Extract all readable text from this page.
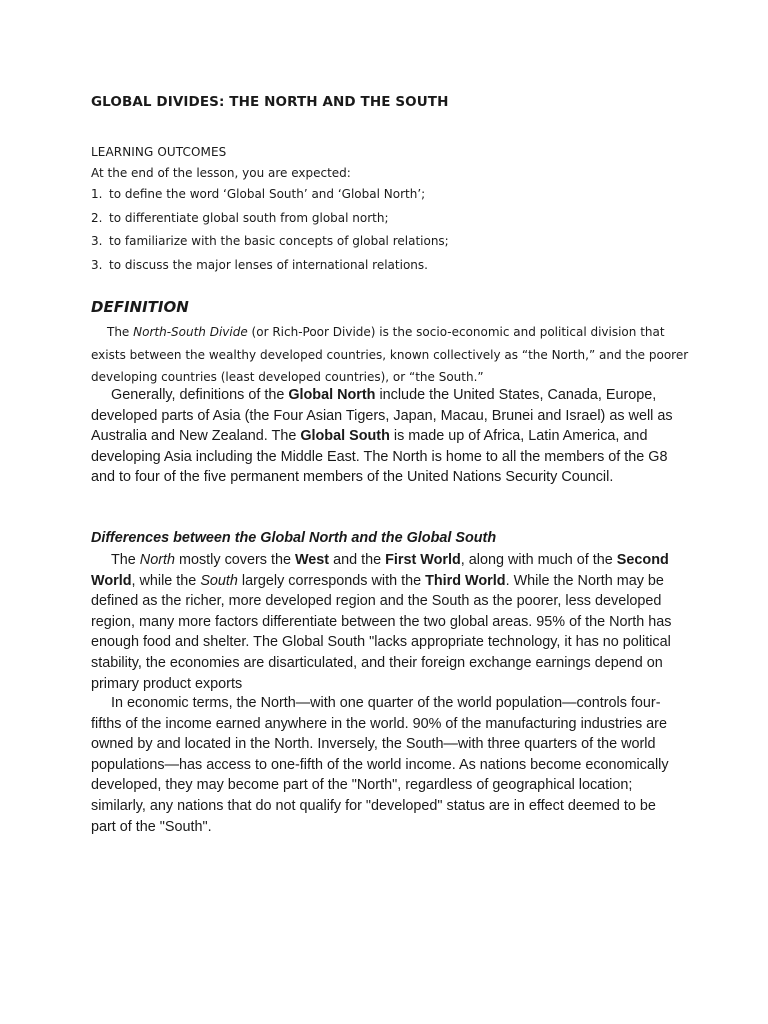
GLOBAL DIVIDES: THE NORTH AND THE SOUTH
LEARNING OUTCOMES
At the end of the lesson, you are expected:
1. to define the word ‘Global South’ and ‘Global North’;
2. to differentiate global south from global north;
3. to familiarize with the basic concepts of global relations;
3. to discuss the major lenses of international relations.
DEFINITION

The North-South Divide (or Rich-Poor Divide) is the socio-economic and political division that exists between the wealthy developed countries, known collectively as “the North,” and the poorer developing countries (least developed countries), or “the South.”

Generally, definitions of the Global North include the United States, Canada, Europe, developed parts of Asia (the Four Asian Tigers, Japan, Macau, Brunei and Israel) as well as Australia and New Zealand. The Global South is made up of Africa, Latin America, and developing Asia including the Middle East. The North is home to all the members of the G8 and to four of the five permanent members of the United Nations Security Council.

Differences between the Global North and the Global South

The North mostly covers the West and the First World, along with much of the Second World, while the South largely corresponds with the Third World. While the North may be defined as the richer, more developed region and the South as the poorer, less developed region, many more factors differentiate between the two global areas. 95% of the North has enough food and shelter. The Global South "lacks appropriate technology, it has no political stability, the economies are disarticulated, and their foreign exchange earnings depend on primary product exports

In economic terms, the North—with one quarter of the world population—controls four-fifths of the income earned anywhere in the world. 90% of the manufacturing industries are owned by and located in the North. Inversely, the South—with three quarters of the world populations—has access to one-fifth of the world income. As nations become economically developed, they may become part of the "North", regardless of geographical location; similarly, any nations that do not qualify for "developed" status are in effect deemed to be part of the "South".
